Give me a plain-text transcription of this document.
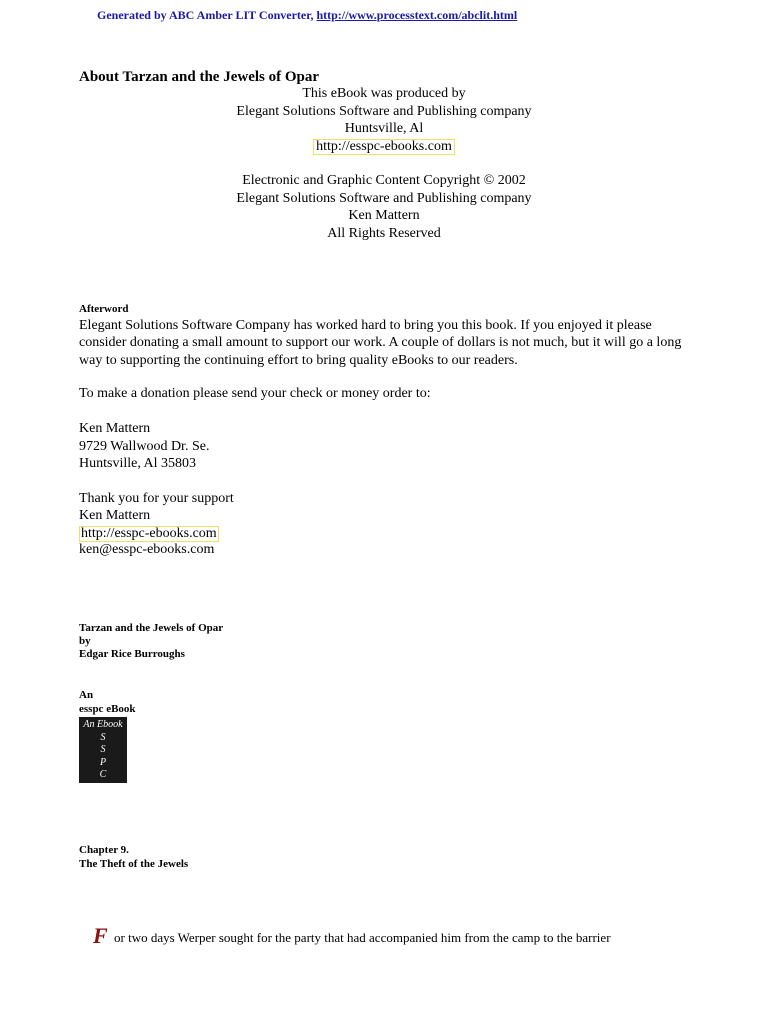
Generated by ABC Amber LIT Converter, http://www.processtext.com/abclit.html
About Tarzan and the Jewels of Opar
This eBook was produced by
Elegant Solutions Software and Publishing company
Huntsville, Al
http://esspc-ebooks.com
Electronic and Graphic Content Copyright © 2002
Elegant Solutions Software and Publishing company
Ken Mattern
All Rights Reserved
Afterword
Elegant Solutions Software Company has worked hard to bring you this book. If you enjoyed it please consider donating a small amount to support our work. A couple of dollars is not much, but it will go a long way to supporting the continuing effort to bring quality eBooks to our readers.
To make a donation please send your check or money order to:
Ken Mattern
9729 Wallwood Dr. Se.
Huntsville, Al 35803
Thank you for your support
Ken Mattern
http://esspc-ebooks.com
ken@esspc-ebooks.com
Tarzan and the Jewels of Opar
by
Edgar Rice Burroughs
An
esspc eBook
An Ebook
S
S
P
C
Chapter 9.
The Theft of the Jewels
F or two days Werper sought for the party that had accompanied him from the camp to the barrier
